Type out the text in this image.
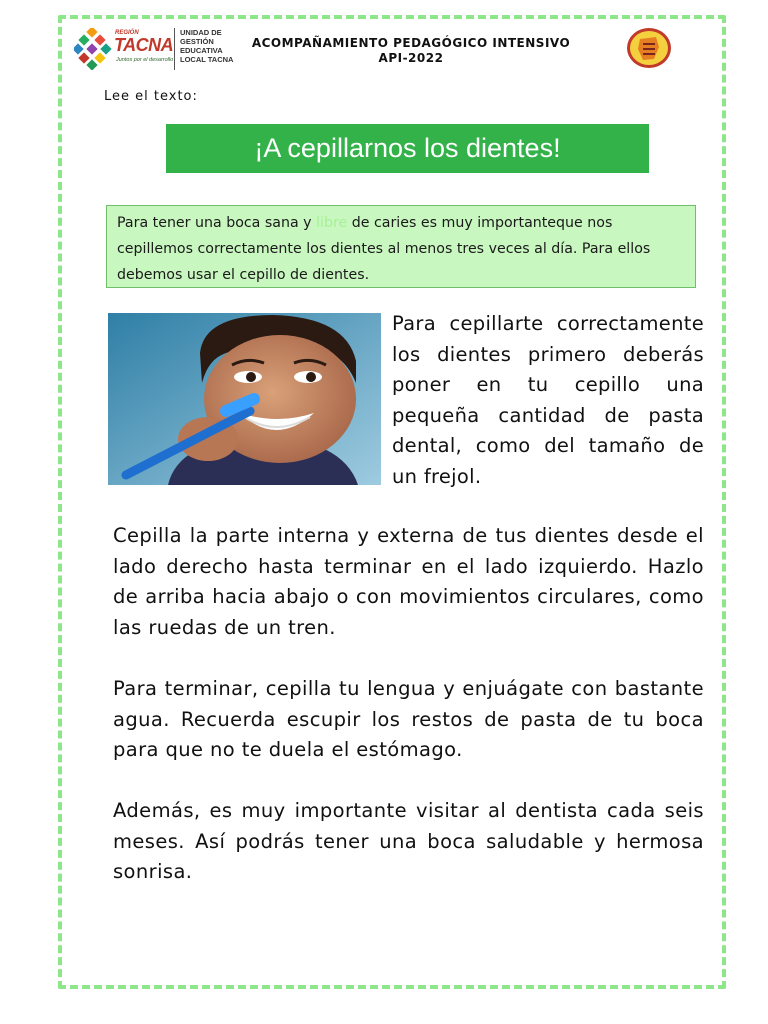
REGIÓN
TACNA
Juntos por el desarrollo
UNIDAD DE
GESTIÓN
EDUCATIVA
LOCAL TACNA
ACOMPAÑAMIENTO PEDAGÓGICO INTENSIVO
API-2022
Lee el texto:
¡A cepillarnos los dientes!
Para tener una boca sana y libre de caries es muy importanteque nos cepillemos correctamente los dientes al menos tres veces al día. Para ellos debemos usar el cepillo de dientes.
Para cepillarte correctamente los dientes primero deberás poner en tu cepillo una pequeña cantidad de pasta dental, como del tamaño de un frejol.
Cepilla la parte interna y externa de tus dientes desde el lado derecho hasta terminar en el lado izquierdo. Hazlo de arriba hacia abajo o con movimientos circulares, como las ruedas de un tren.
Para terminar, cepilla tu lengua y enjuágate con bastante agua. Recuerda escupir los restos de pasta de tu boca para que no te duela el estómago.
Además, es muy importante visitar al dentista cada seis meses. Así podrás tener una boca saludable y hermosa sonrisa.
